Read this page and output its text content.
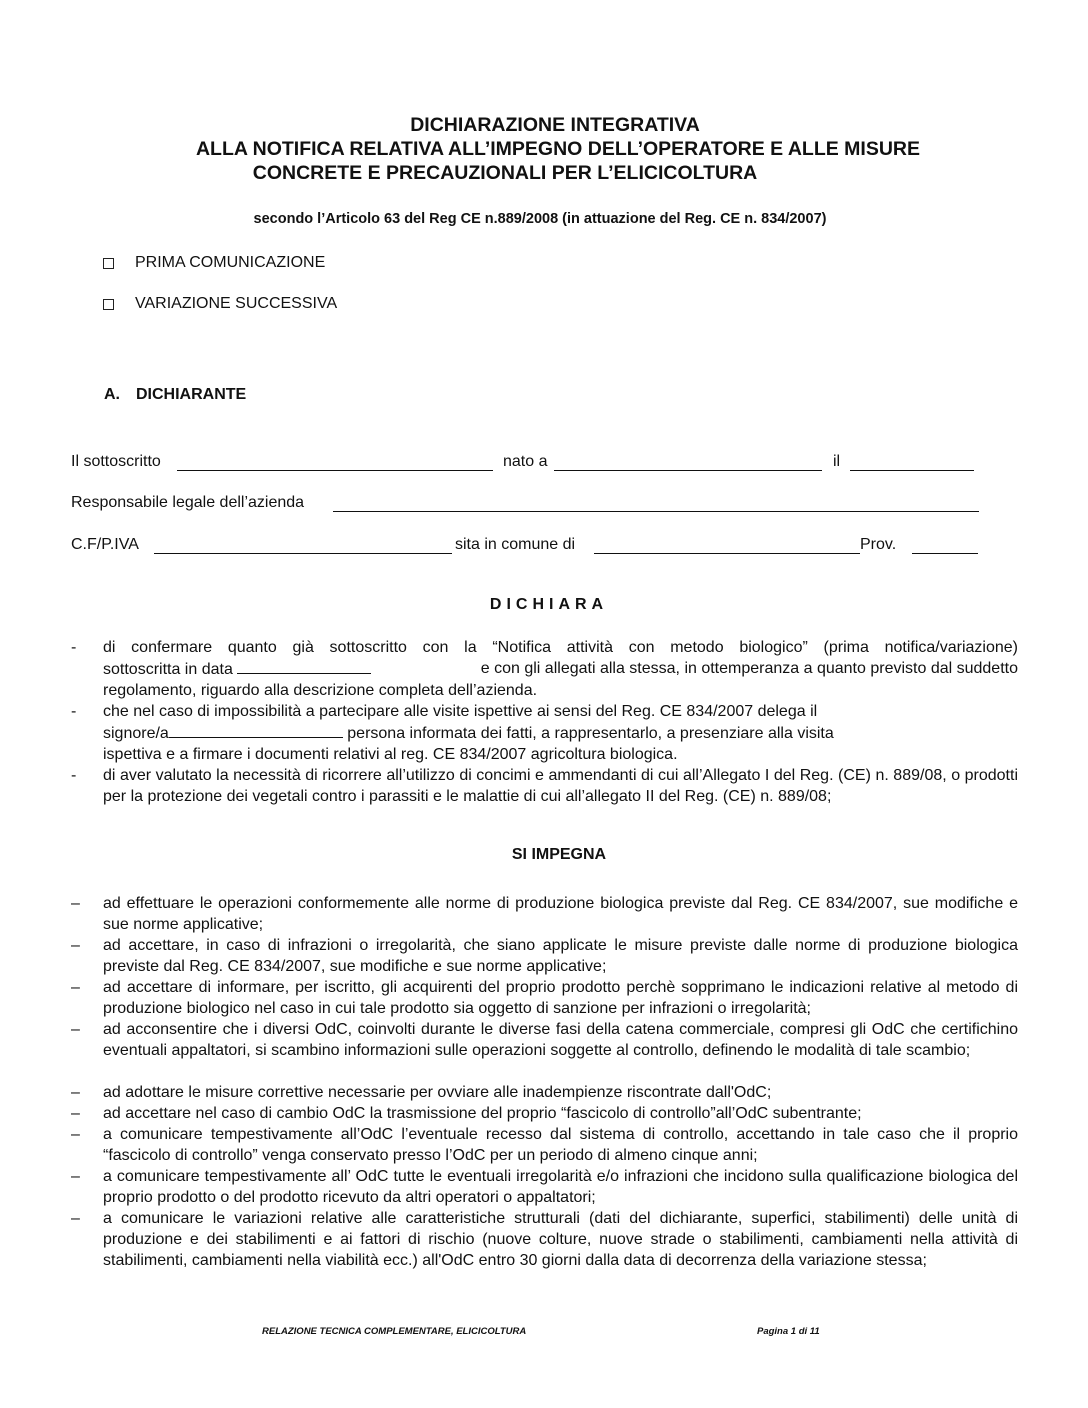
DICHIARAZIONE INTEGRATIVA
ALLA NOTIFICA RELATIVA ALL’IMPEGNO DELL’OPERATORE E ALLE MISURE
CONCRETE E PRECAUZIONALI PER L’ELICICOLTURA
secondo l’Articolo 63 del Reg CE n.889/2008 (in attuazione del Reg. CE n. 834/2007)
PRIMA COMUNICAZIONE
VARIAZIONE SUCCESSIVA
A. DICHIARANTE
Il sottoscritto	nato a	il
Responsabile legale dell’azienda
C.F/P.IVA	sita in comune di	Prov.
DICHIARA
- di confermare quanto già sottoscritto con la “Notifica attività con metodo biologico” (prima notifica/variazione)
sottoscritta in data	e con gli allegati alla stessa, in ottemperanza a quanto previsto dal suddetto
regolamento, riguardo alla descrizione completa dell’azienda.
- che nel caso di impossibilità a partecipare alle visite ispettive ai sensi del Reg. CE 834/2007 delega il
signore/a	persona informata dei fatti, a rappresentarlo, a presenziare alla visita
ispettiva e a firmare i documenti relativi al reg. CE 834/2007 agricoltura biologica.
- di aver valutato la necessità di ricorrere all’utilizzo di concimi e ammendanti di cui all’Allegato I del Reg. (CE) n. 889/08, o prodotti per la protezione dei vegetali contro i parassiti e le malattie di cui all’allegato II del Reg. (CE) n. 889/08;
SI IMPEGNA
– ad effettuare le operazioni conformemente alle norme di produzione biologica previste dal Reg. CE 834/2007, sue modifiche e sue norme applicative;
– ad accettare, in caso di infrazioni o irregolarità, che siano applicate le misure previste dalle norme di produzione biologica previste dal Reg. CE 834/2007, sue modifiche e sue norme applicative;
– ad accettare di informare, per iscritto, gli acquirenti del proprio prodotto perchè sopprimano le indicazioni relative al metodo di produzione biologico nel caso in cui tale prodotto sia oggetto di sanzione per infrazioni o irregolarità;
– ad acconsentire che i diversi OdC, coinvolti durante le diverse fasi della catena commerciale, compresi gli OdC che certifichino eventuali appaltatori, si scambino informazioni sulle operazioni soggette al controllo, definendo le modalità di tale scambio;
– ad adottare le misure correttive necessarie per ovviare alle inadempienze riscontrate dall'OdC;
– ad accettare nel caso di cambio OdC la trasmissione del proprio “fascicolo di controllo”all’OdC subentrante;
– a comunicare tempestivamente all’OdC l’eventuale recesso dal sistema di controllo, accettando in tale caso che il proprio “fascicolo di controllo” venga conservato presso l’OdC per un periodo di almeno cinque anni;
– a comunicare tempestivamente all’ OdC tutte le eventuali irregolarità e/o infrazioni che incidono sulla qualificazione biologica del proprio prodotto o del prodotto ricevuto da altri operatori o appaltatori;
– a comunicare le variazioni relative alle caratteristiche strutturali (dati del dichiarante, superfici, stabilimenti) delle unità di produzione e dei stabilimenti e ai fattori di rischio (nuove colture, nuove strade o stabilimenti, cambiamenti nella attività di stabilimenti, cambiamenti nella viabilità ecc.) all'OdC entro 30 giorni dalla data di decorrenza della variazione stessa;
RELAZIONE TECNICA COMPLEMENTARE, ELICICOLTURA	Pagina 1 di 11
